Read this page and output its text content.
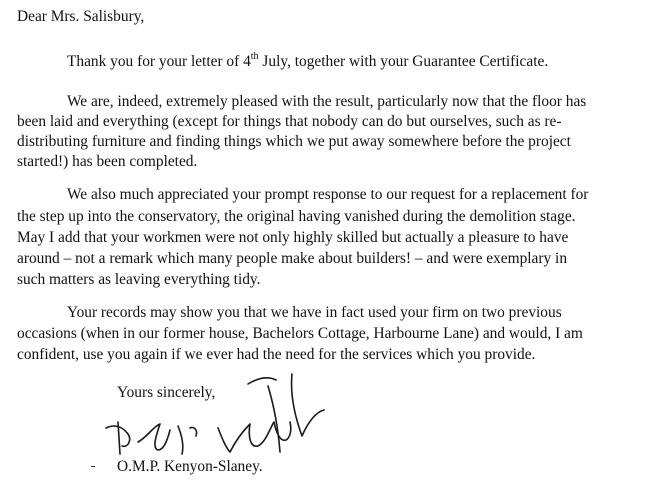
Dear Mrs. Salisbury,

Thank you for your letter of 4th July, together with your Guarantee Certificate.

We are, indeed, extremely pleased with the result, particularly now that the floor has

been laid and everything (except for things that nobody can do but ourselves, such as re-

distributing furniture and finding things which we put away somewhere before the project

started!) has been completed.

We also much appreciated your prompt response to our request for a replacement for

the step up into the conservatory, the original having vanished during the demolition stage.

May I add that your workmen were not only highly skilled but actually a pleasure to have

around – not a remark which many people make about builders! – and were exemplary in

such matters as leaving everything tidy.

Your records may show you that we have in fact used your firm on two previous

occasions (when in our former house, Bachelors Cottage, Harbourne Lane) and would, I am

confident, use you again if we ever had the need for the services which you provide.

Yours sincerely,

O.M.P. Kenyon-Slaney.
